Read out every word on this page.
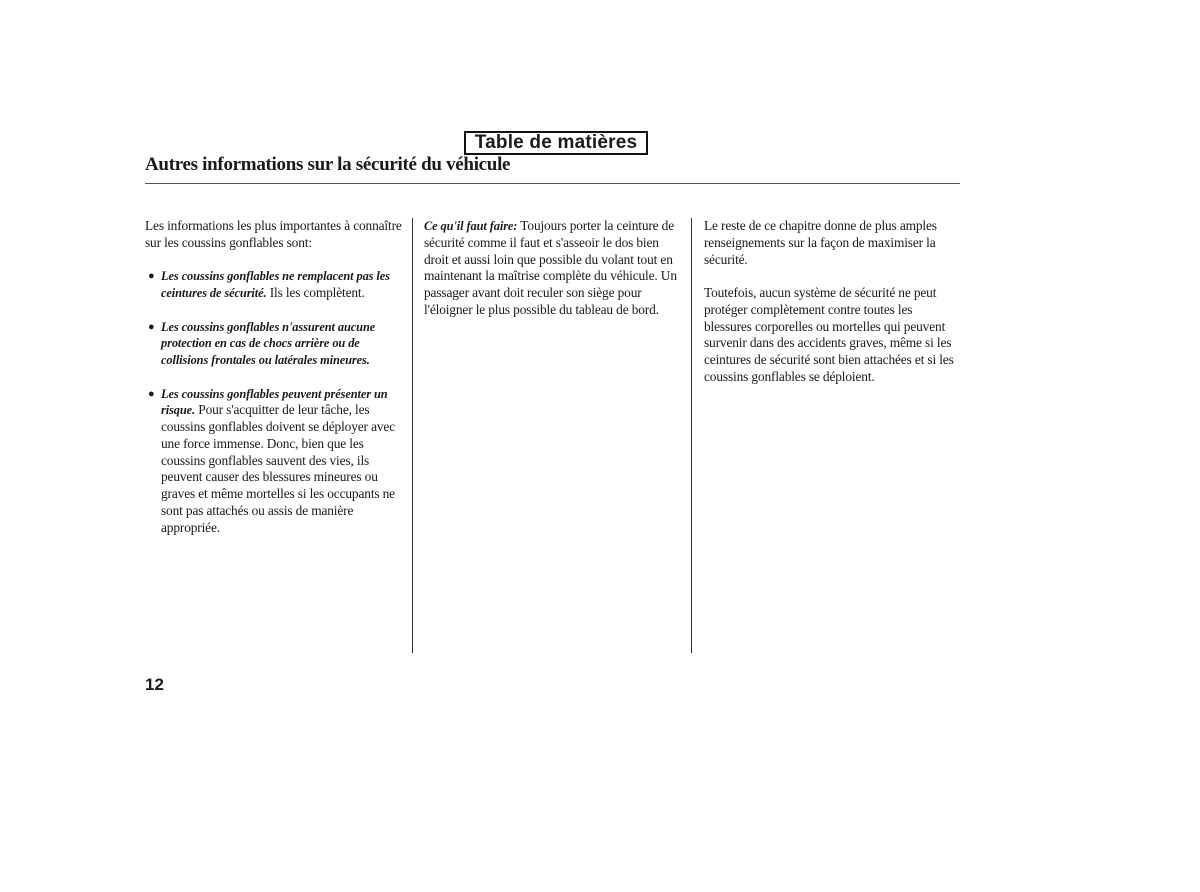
Table de matières
Autres informations sur la sécurité du véhicule

Les informations les plus importantes à connaître sur les coussins gonflables sont:

● Les coussins gonflables ne remplacent pas les ceintures de sécurité. Ils les complètent.
● Les coussins gonflables n'assurent aucune protection en cas de chocs arrière ou de collisions frontales ou latérales mineures.
● Les coussins gonflables peuvent présenter un risque. Pour s'acquitter de leur tâche, les coussins gonflables doivent se déployer avec une force immense. Donc, bien que les coussins gonflables sauvent des vies, ils peuvent causer des blessures mineures ou graves et même mortelles si les occupants ne sont pas attachés ou assis de manière appropriée.

Ce qu'il faut faire: Toujours porter la ceinture de sécurité comme il faut et s'asseoir le dos bien droit et aussi loin que possible du volant tout en maintenant la maîtrise complète du véhicule. Un passager avant doit reculer son siège pour l'éloigner le plus possible du tableau de bord.

Le reste de ce chapitre donne de plus amples renseignements sur la façon de maximiser la sécurité.

Toutefois, aucun système de sécurité ne peut protéger complètement contre toutes les blessures corporelles ou mortelles qui peuvent survenir dans des accidents graves, même si les ceintures de sécurité sont bien attachées et si les coussins gonflables se déploient.

12
